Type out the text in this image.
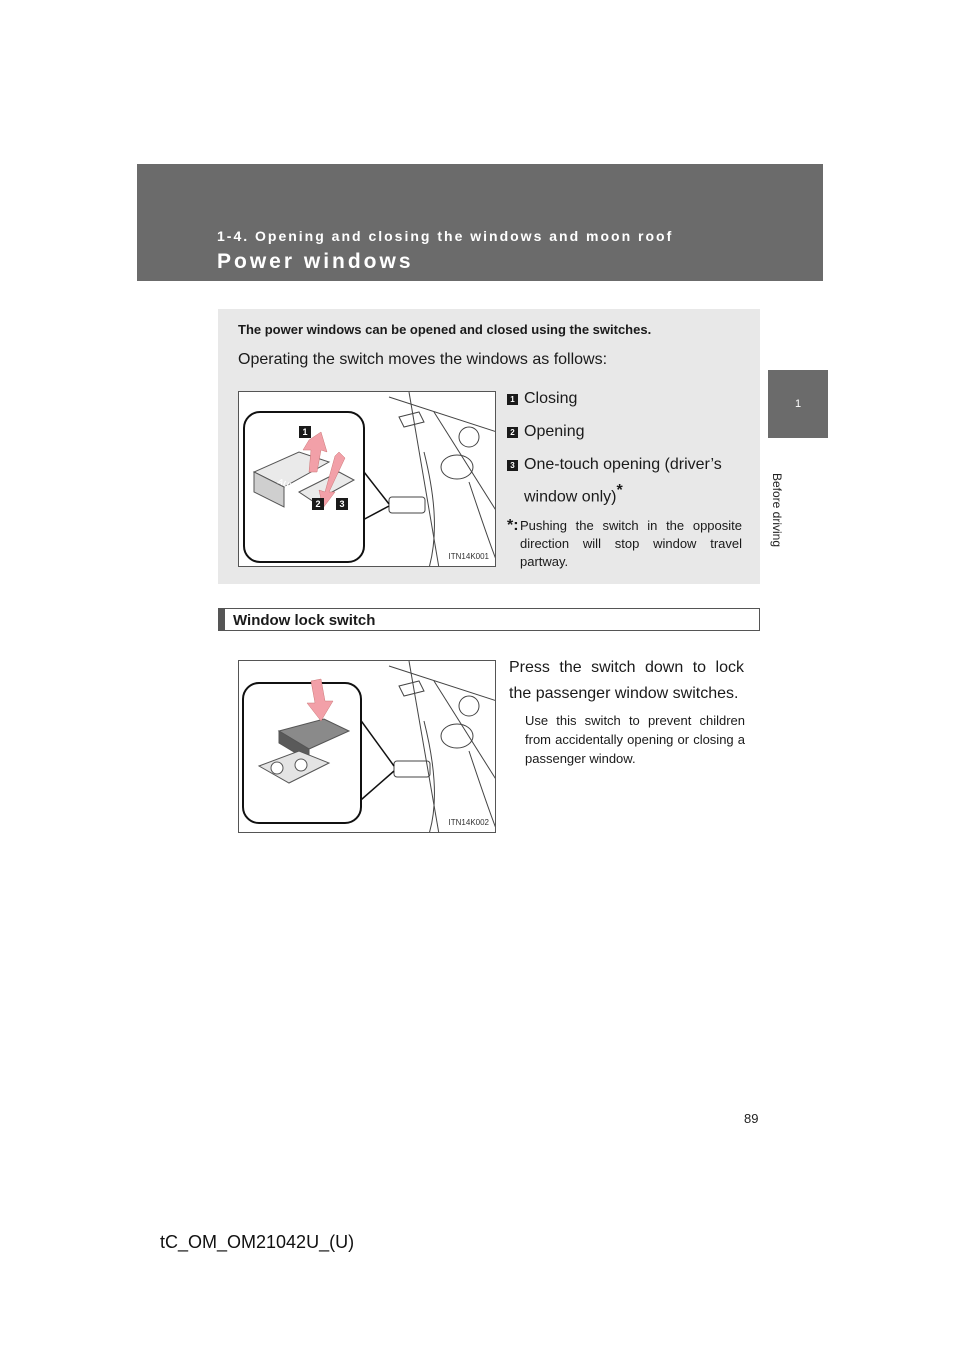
1-4. Opening and closing the windows and moon roof
Power windows
1
Before driving
The power windows can be opened and closed using the switches.
Operating the switch moves the windows as follows:
AUTO
1
2 3
ITN14K001
1 Closing
2 Opening
3 One-touch opening (driver’s window only)*
*: Pushing the switch in the opposite direction will stop window travel partway.
Window lock switch
ITN14K002
Press the switch down to lock the passenger window switches.
Use this switch to prevent children from accidentally opening or closing a passenger window.
89
tC_OM_OM21042U_(U)
